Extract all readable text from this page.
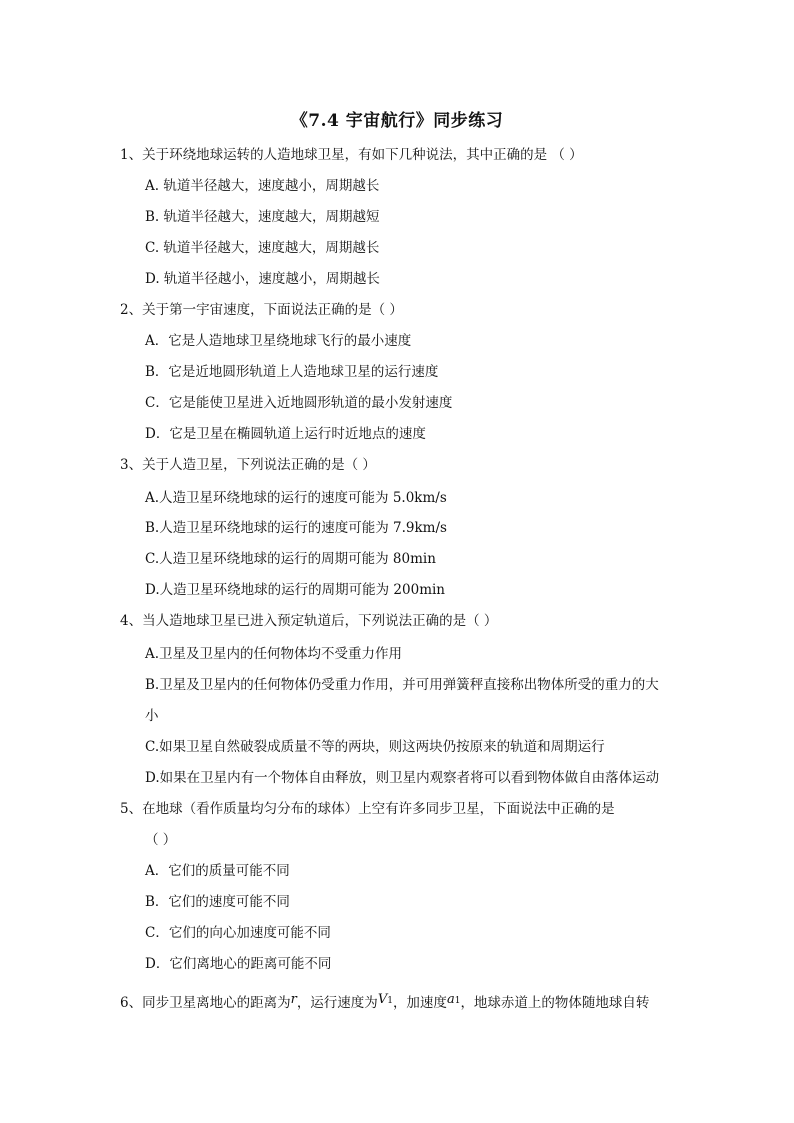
《7.4 宇宙航行》同步练习
1、关于环绕地球运转的人造地球卫星，有如下几种说法，其中正确的是 （ ）
A. 轨道半径越大，速度越小，周期越长
B. 轨道半径越大，速度越大，周期越短
C. 轨道半径越大，速度越大，周期越长
D. 轨道半径越小，速度越小，周期越长
2、关于第一宇宙速度，下面说法正确的是（ ）
A．它是人造地球卫星绕地球飞行的最小速度
B．它是近地圆形轨道上人造地球卫星的运行速度
C．它是能使卫星进入近地圆形轨道的最小发射速度
D．它是卫星在椭圆轨道上运行时近地点的速度
3、关于人造卫星，下列说法正确的是（ ）
A.人造卫星环绕地球的运行的速度可能为 5.0km/s
B.人造卫星环绕地球的运行的速度可能为 7.9km/s
C.人造卫星环绕地球的运行的周期可能为 80min
D.人造卫星环绕地球的运行的周期可能为 200min
4、当人造地球卫星已进入预定轨道后，下列说法正确的是（ ）
A.卫星及卫星内的任何物体均不受重力作用
B.卫星及卫星内的任何物体仍受重力作用，并可用弹簧秤直接称出物体所受的重力的大
小
C.如果卫星自然破裂成质量不等的两块，则这两块仍按原来的轨道和周期运行
D.如果在卫星内有一个物体自由释放，则卫星内观察者将可以看到物体做自由落体运动
5、在地球（看作质量均匀分布的球体）上空有许多同步卫星，下面说法中正确的是
（ ）
A．它们的质量可能不同
B．它们的速度可能不同
C．它们的向心加速度可能不同
D．它们离地心的距离可能不同
6、同步卫星离地心的距离为r，运行速度为V1，加速度a1，地球赤道上的物体随地球自转
